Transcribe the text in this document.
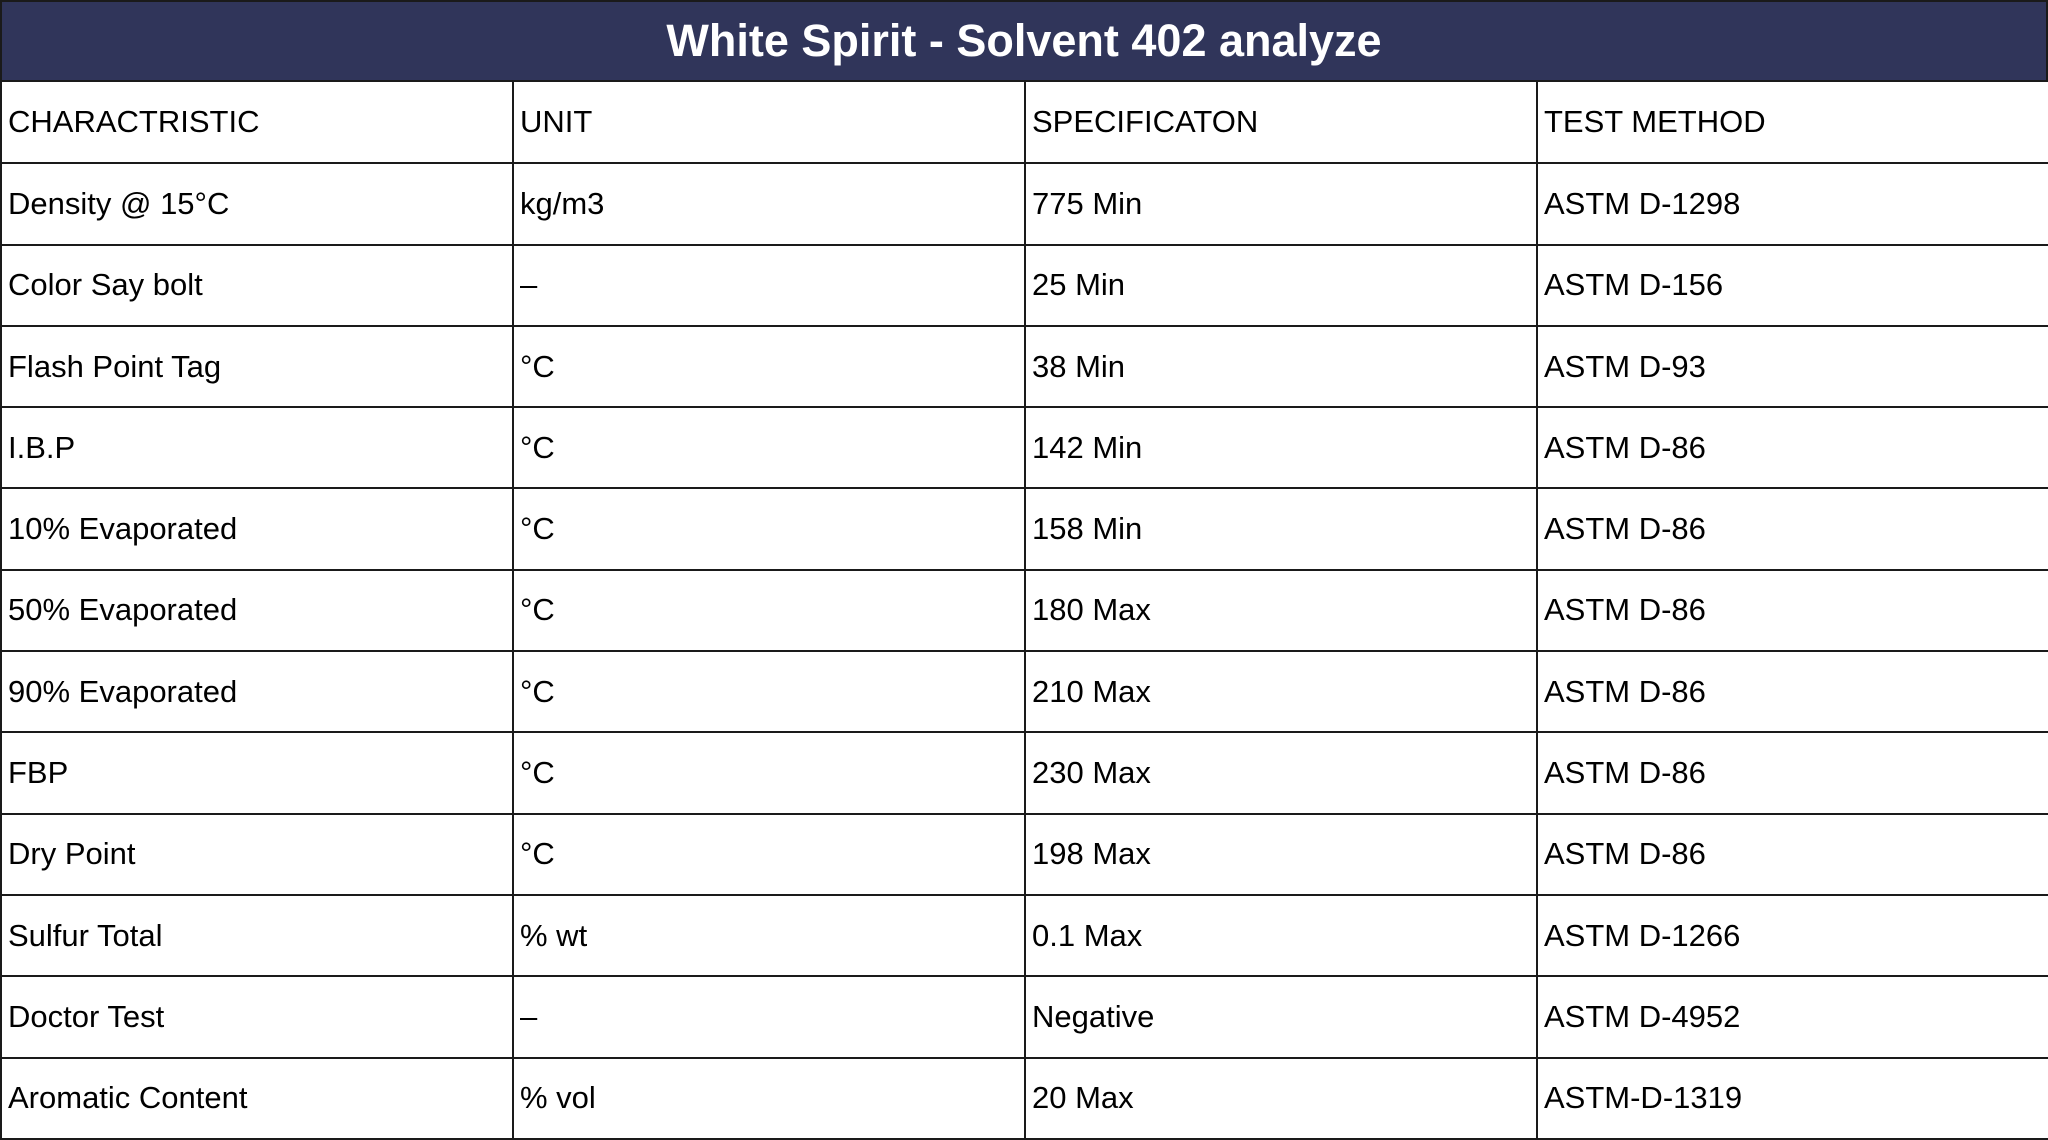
White Spirit - Solvent 402 analyze
CHARACTRISTIC	UNIT	SPECIFICATON	TEST METHOD
Density @ 15°C	kg/m3	775 Min	ASTM D-1298
Color Say bolt	–	25 Min	ASTM D-156
Flash Point Tag	°C	38 Min	ASTM D-93
I.B.P	°C	142 Min	ASTM D-86
10% Evaporated	°C	158 Min	ASTM D-86
50% Evaporated	°C	180 Max	ASTM D-86
90% Evaporated	°C	210 Max	ASTM D-86
FBP	°C	230 Max	ASTM D-86
Dry Point	°C	198 Max	ASTM D-86
Sulfur Total	% wt	0.1 Max	ASTM D-1266
Doctor Test	–	Negative	ASTM D-4952
Aromatic Content	% vol	20 Max	ASTM-D-1319
